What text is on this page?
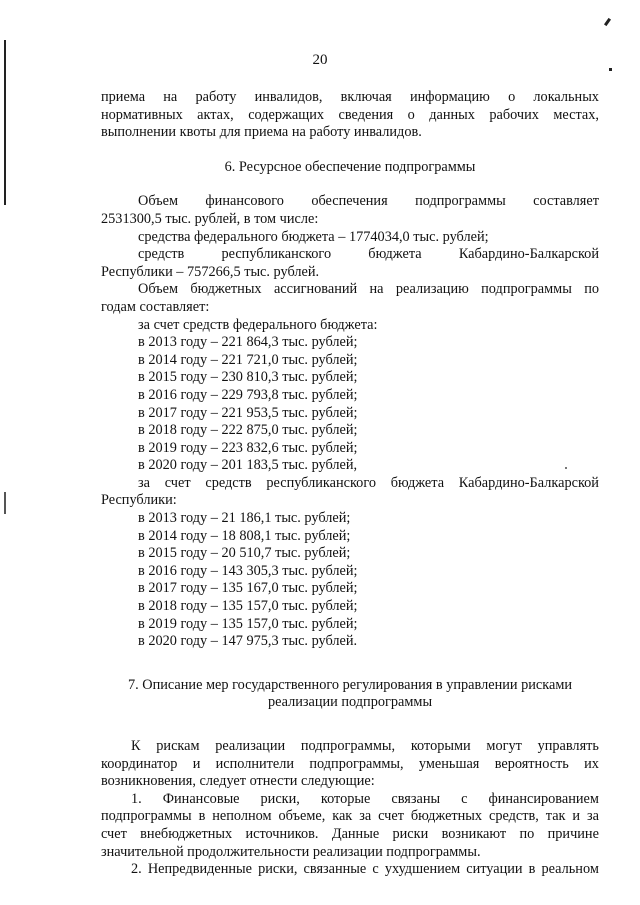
20
приема на работу инвалидов, включая информацию о локальных
нормативных актах, содержащих сведения о данных рабочих местах,
выполнении квоты для приема на работу инвалидов.
6. Ресурсное обеспечение подпрограммы
Объем финансового обеспечения подпрограммы составляет
2531300,5 тыс. рублей, в том числе:
средства федерального бюджета – 1774034,0 тыс. рублей;
средств	республиканского	бюджета	Кабардино-Балкарской
Республики – 757266,5 тыс. рублей.
Объем бюджетных ассигнований на реализацию подпрограммы по
годам составляет:
за счет средств федерального бюджета:
в 2013 году – 221 864,3 тыс. рублей;
в 2014 году – 221 721,0 тыс. рублей;
в 2015 году – 230 810,3 тыс. рублей;
в 2016 году – 229 793,8 тыс. рублей;
в 2017 году – 221 953,5 тыс. рублей;
в 2018 году – 222 875,0 тыс. рублей;
в 2019 году – 223 832,6 тыс. рублей;
в 2020 году – 201 183,5 тыс. рублей,
за счет средств республиканского бюджета Кабардино-Балкарской
Республики:
в 2013 году – 21 186,1 тыс. рублей;
в 2014 году – 18 808,1 тыс. рублей;
в 2015 году – 20 510,7 тыс. рублей;
в 2016 году – 143 305,3 тыс. рублей;
в 2017 году – 135 167,0 тыс. рублей;
в 2018 году – 135 157,0 тыс. рублей;
в 2019 году – 135 157,0 тыс. рублей;
в 2020 году – 147 975,3 тыс. рублей.
7. Описание мер государственного регулирования в управлении рисками
реализации подпрограммы
К рискам реализации подпрограммы, которыми могут управлять
координатор и исполнители подпрограммы, уменьшая вероятность их
возникновения, следует отнести следующие:
1. Финансовые риски, которые связаны с финансированием
подпрограммы в неполном объеме, как за счет бюджетных средств, так и за
счет внебюджетных источников. Данные риски возникают по причине
значительной продолжительности реализации подпрограммы.
2. Непредвиденные риски, связанные с ухудшением ситуации в реальном
